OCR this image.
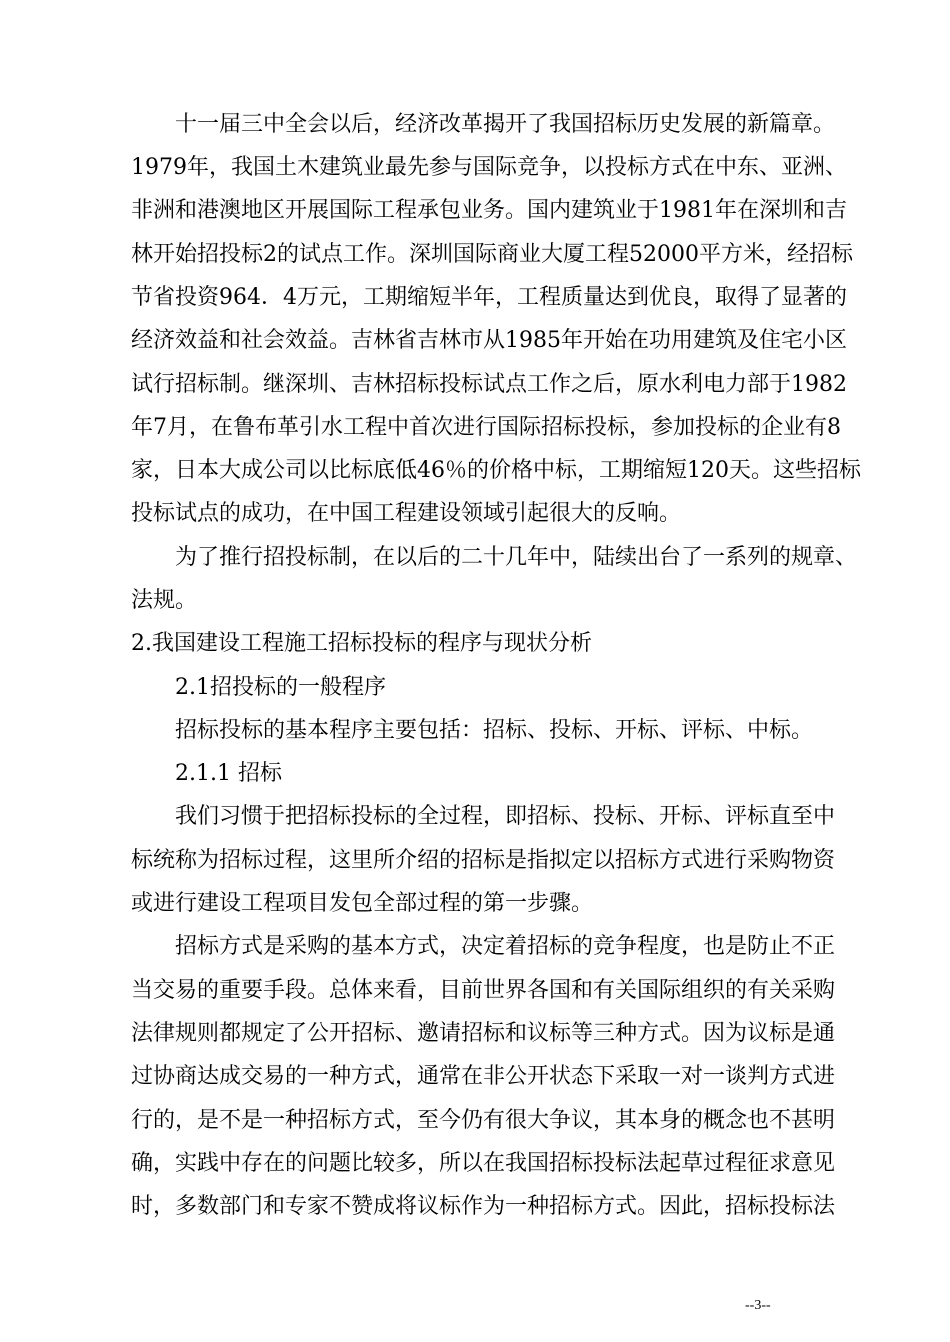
十一届三中全会以后，经济改革揭开了我国招标历史发展的新篇章。
1979年，我国土木建筑业最先参与国际竞争，以投标方式在中东、亚洲、
非洲和港澳地区开展国际工程承包业务。国内建筑业于1981年在深圳和吉
林开始招投标2的试点工作。深圳国际商业大厦工程52000平方米，经招标
节省投资964．4万元，工期缩短半年，工程质量达到优良，取得了显著的
经济效益和社会效益。吉林省吉林市从1985年开始在功用建筑及住宅小区
试行招标制。继深圳、吉林招标投标试点工作之后，原水利电力部于1982
年7月，在鲁布革引水工程中首次进行国际招标投标，参加投标的企业有8
家，日本大成公司以比标底低46％的价格中标，工期缩短120天。这些招标
投标试点的成功，在中国工程建设领域引起很大的反响。
为了推行招投标制，在以后的二十几年中，陆续出台了一系列的规章、
法规。
2.我国建设工程施工招标投标的程序与现状分析
2.1招投标的一般程序
招标投标的基本程序主要包括：招标、投标、开标、评标、中标。
2.1.1 招标
我们习惯于把招标投标的全过程，即招标、投标、开标、评标直至中
标统称为招标过程，这里所介绍的招标是指拟定以招标方式进行采购物资
或进行建设工程项目发包全部过程的第一步骤。
招标方式是采购的基本方式，决定着招标的竞争程度，也是防止不正
当交易的重要手段。总体来看，目前世界各国和有关国际组织的有关采购
法律规则都规定了公开招标、邀请招标和议标等三种方式。因为议标是通
过协商达成交易的一种方式，通常在非公开状态下采取一对一谈判方式进
行的，是不是一种招标方式，至今仍有很大争议，其本身的概念也不甚明
确，实践中存在的问题比较多，所以在我国招标投标法起草过程征求意见
时，多数部门和专家不赞成将议标作为一种招标方式。因此，招标投标法
--3--
